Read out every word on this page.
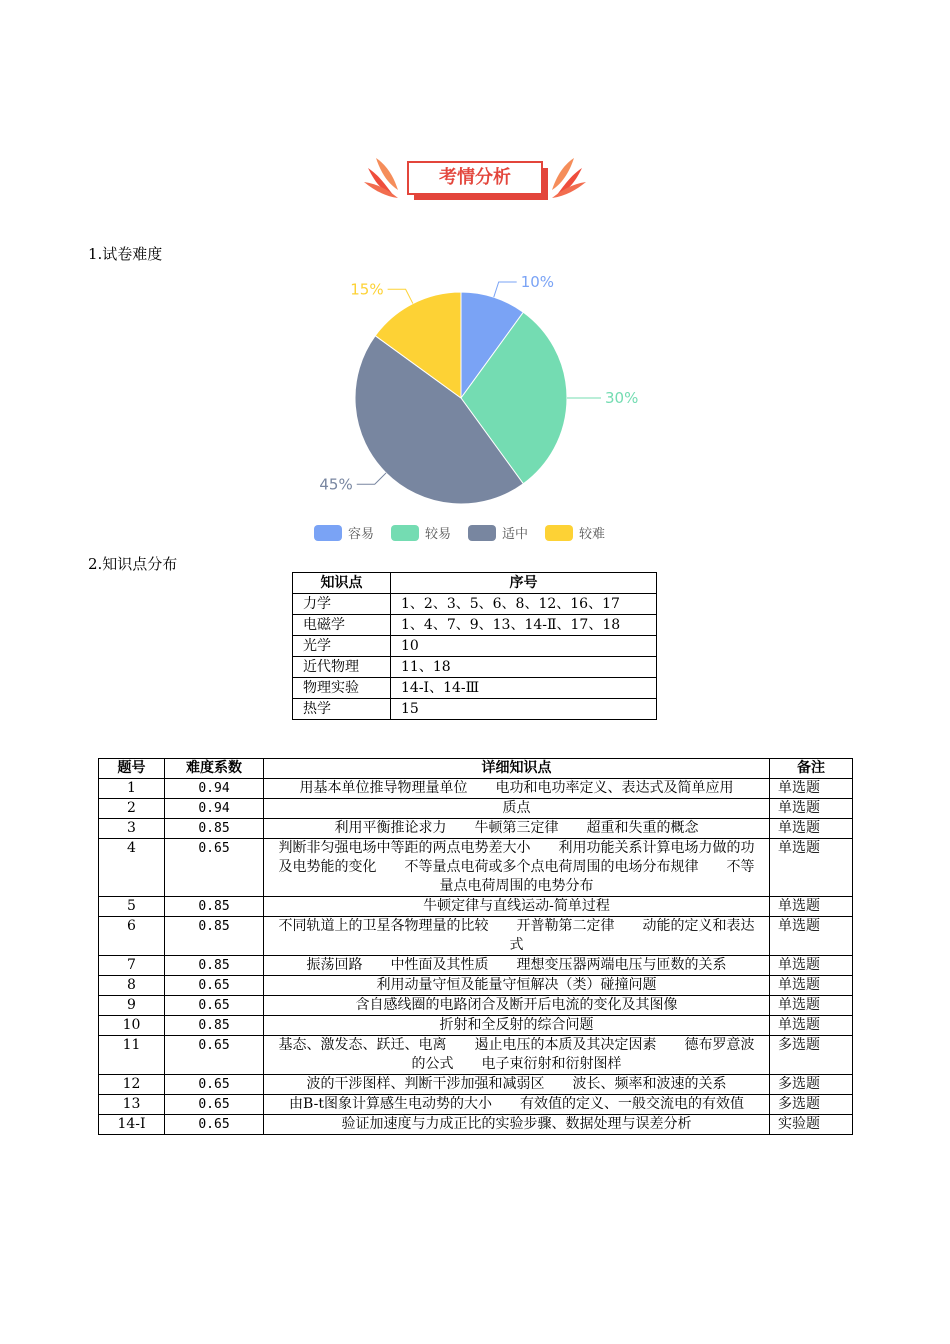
考情分析
1.试卷难度
10%
30%
45%
15%
容易	较易	适中	较难
2.知识点分布
知识点	序号
力学	1、2、3、5、6、8、12、16、17
电磁学	1、4、7、9、13、14-Ⅱ、17、18
光学	10
近代物理	11、18
物理实验	14-Ⅰ、14-Ⅲ
热学	15
题号	难度系数	详细知识点	备注
1	0.94	用基本单位推导物理量单位　　电功和电功率定义、表达式及简单应用	单选题
2	0.94	质点	单选题
3	0.85	利用平衡推论求力　　牛顿第三定律　　超重和失重的概念	单选题
4	0.65	判断非匀强电场中等距的两点电势差大小　　利用功能关系计算电场力做的功及电势能的变化　　不等量点电荷或多个点电荷周围的电场分布规律　　不等量点电荷周围的电势分布	单选题
5	0.85	牛顿定律与直线运动-简单过程	单选题
6	0.85	不同轨道上的卫星各物理量的比较　　开普勒第二定律　　动能的定义和表达式	单选题
7	0.85	振荡回路　　中性面及其性质　　理想变压器两端电压与匝数的关系	单选题
8	0.65	利用动量守恒及能量守恒解决（类）碰撞问题	单选题
9	0.65	含自感线圈的电路闭合及断开后电流的变化及其图像	单选题
10	0.85	折射和全反射的综合问题	单选题
11	0.65	基态、激发态、跃迁、电离　　遏止电压的本质及其决定因素　　德布罗意波的公式　　电子束衍射和衍射图样	多选题
12	0.65	波的干涉图样、判断干涉加强和减弱区　　波长、频率和波速的关系	多选题
13	0.65	由B-t图象计算感生电动势的大小　　有效值的定义、一般交流电的有效值	多选题
14-Ⅰ	0.65	验证加速度与力成正比的实验步骤、数据处理与误差分析	实验题
